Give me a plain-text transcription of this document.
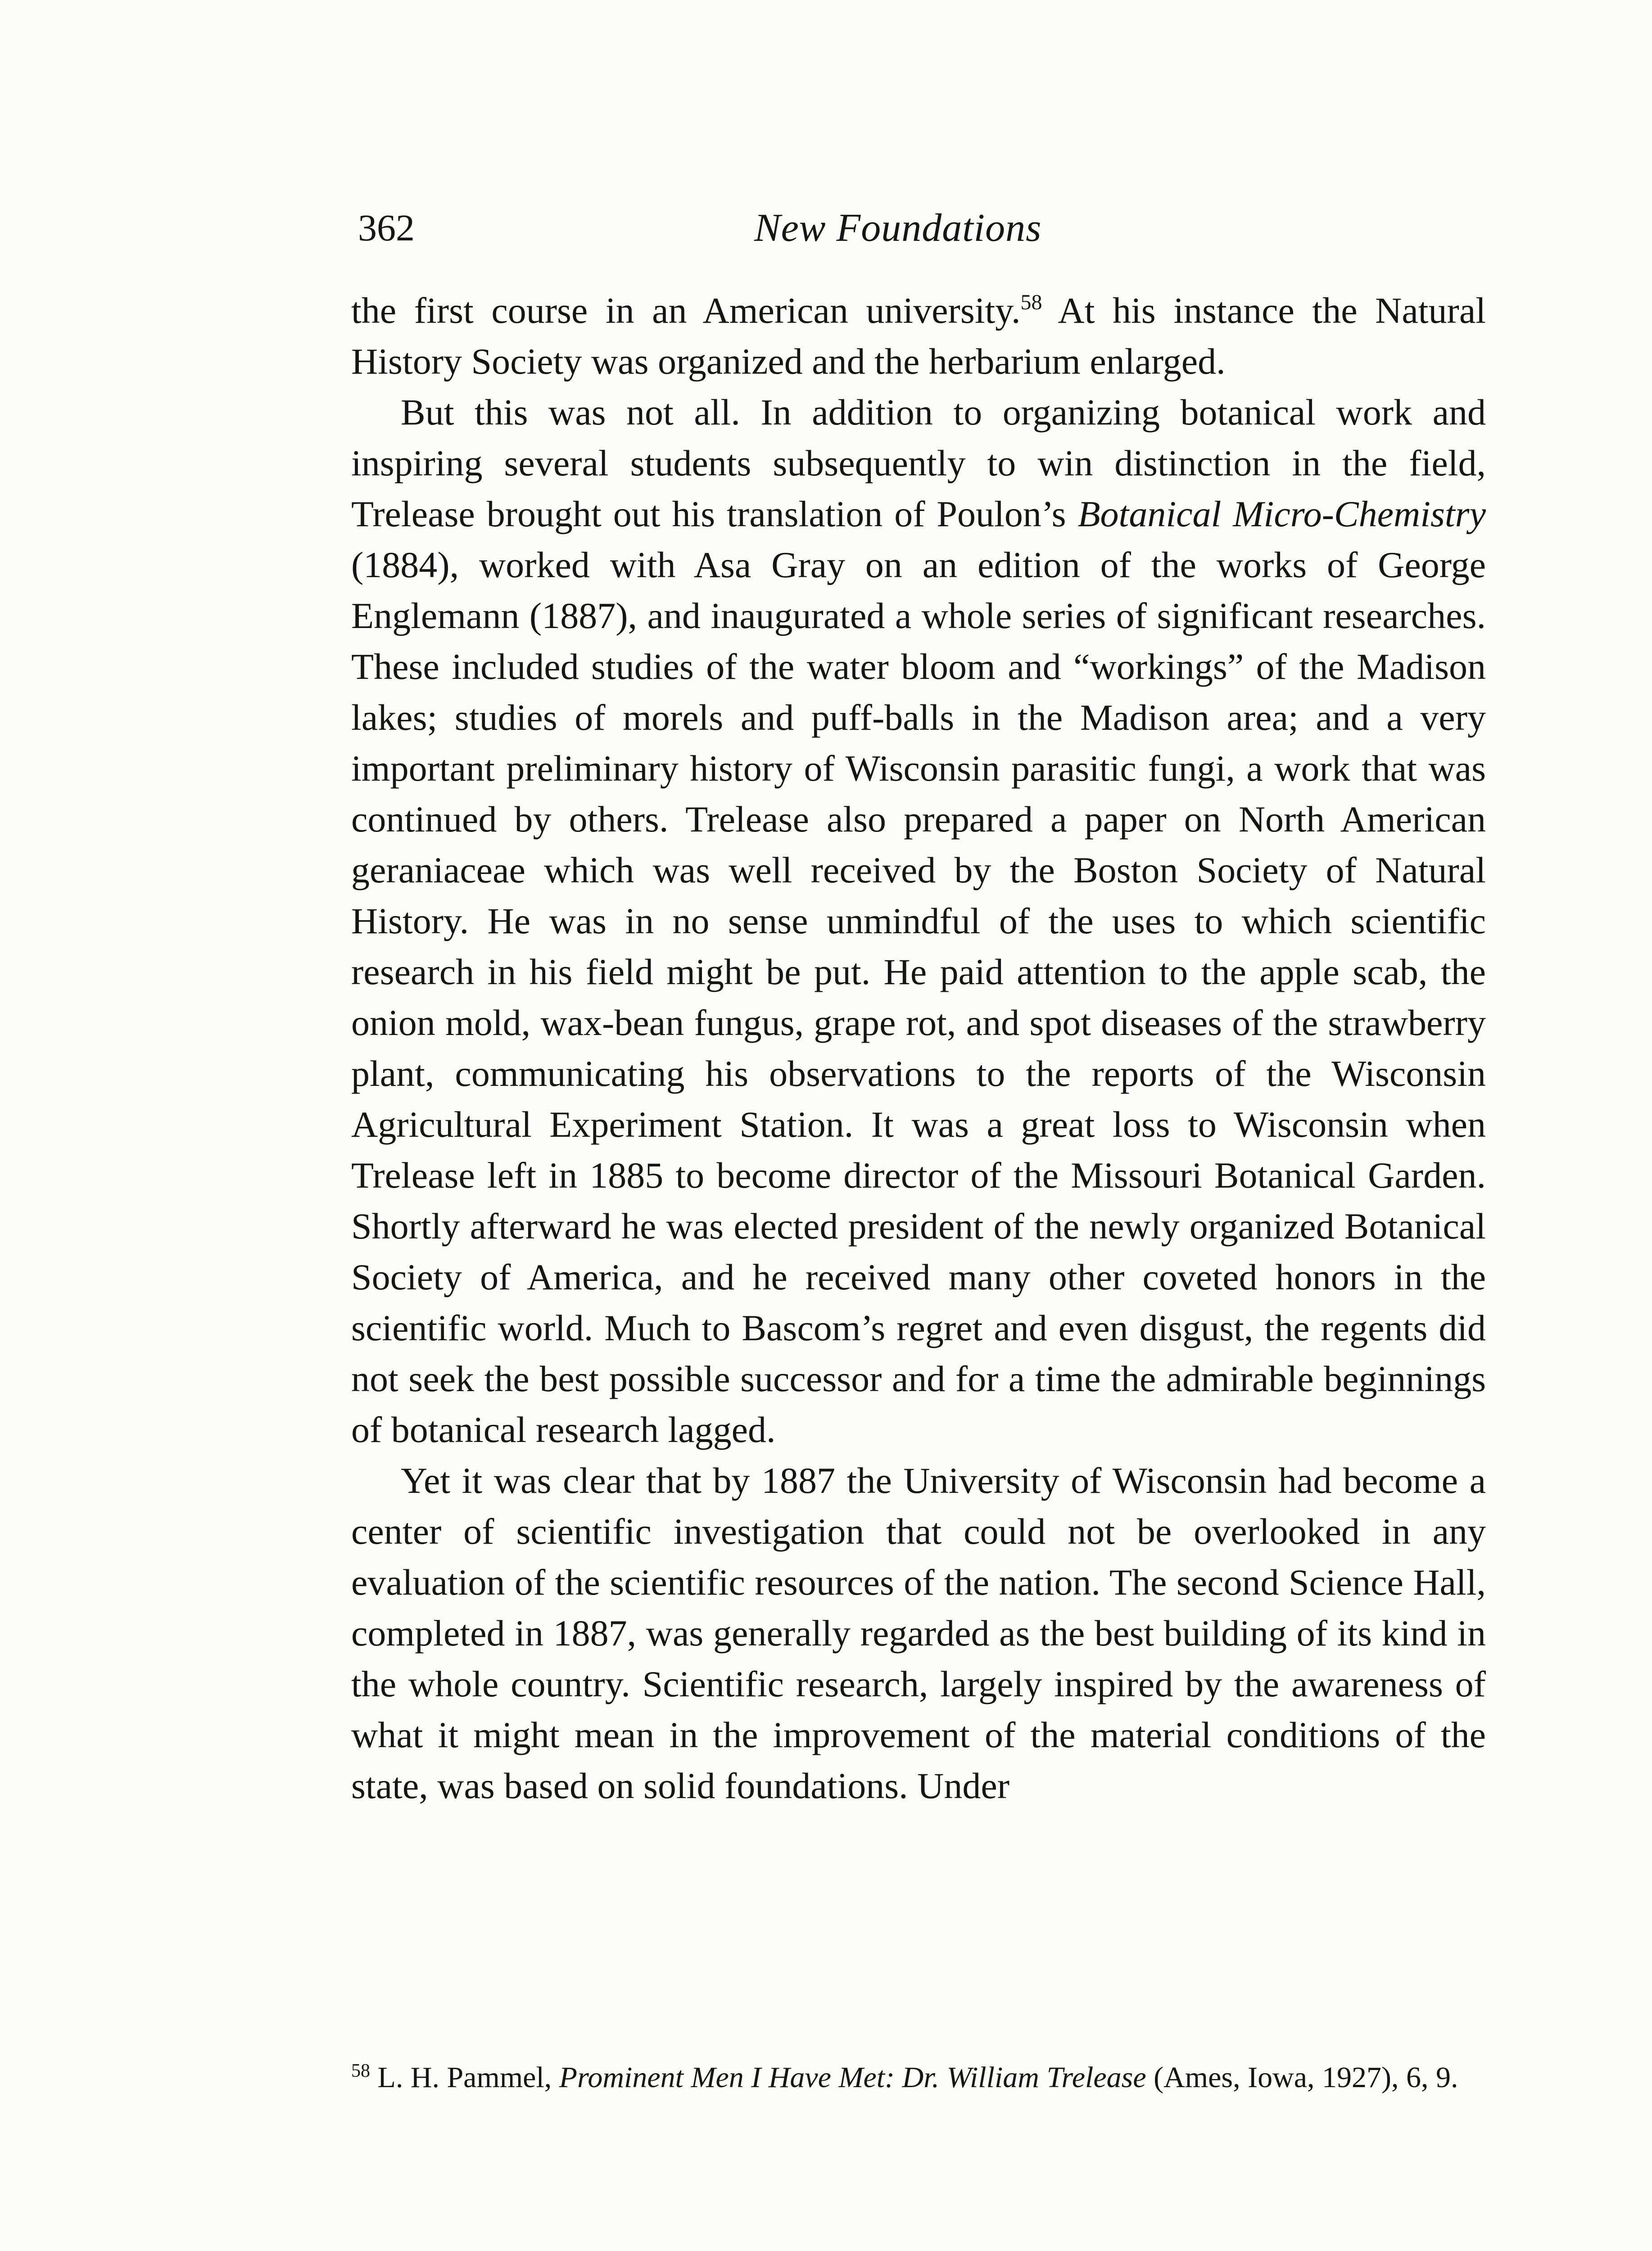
362	New Foundations

the first course in an American university.$^{58}$ At his instance the Natural History Society was organized and the herbarium enlarged.

But this was not all. In addition to organizing botanical work and inspiring several students subsequently to win distinction in the field, Trelease brought out his translation of Poulon’s Botanical Micro-Chemistry (1884), worked with Asa Gray on an edition of the works of George Englemann (1887), and inaugurated a whole series of significant researches. These included studies of the water bloom and “workings” of the Madison lakes; studies of morels and puff-balls in the Madison area; and a very important preliminary history of Wisconsin parasitic fungi, a work that was continued by others. Trelease also prepared a paper on North American geraniaceae which was well received by the Boston Society of Natural History. He was in no sense unmindful of the uses to which scientific research in his field might be put. He paid attention to the apple scab, the onion mold, wax-bean fungus, grape rot, and spot diseases of the strawberry plant, communicating his observations to the reports of the Wisconsin Agricultural Experiment Station. It was a great loss to Wisconsin when Trelease left in 1885 to become director of the Missouri Botanical Garden. Shortly afterward he was elected president of the newly organized Botanical Society of America, and he received many other coveted honors in the scientific world. Much to Bascom’s regret and even disgust, the regents did not seek the best possible successor and for a time the admirable beginnings of botanical research lagged.

Yet it was clear that by 1887 the University of Wisconsin had become a center of scientific investigation that could not be overlooked in any evaluation of the scientific resources of the nation. The second Science Hall, completed in 1887, was generally regarded as the best building of its kind in the whole country. Scientific research, largely inspired by the awareness of what it might mean in the improvement of the material conditions of the state, was based on solid foundations. Under

$^{58}$ L. H. Pammel, Prominent Men I Have Met: Dr. William Trelease (Ames, Iowa, 1927), 6, 9.
